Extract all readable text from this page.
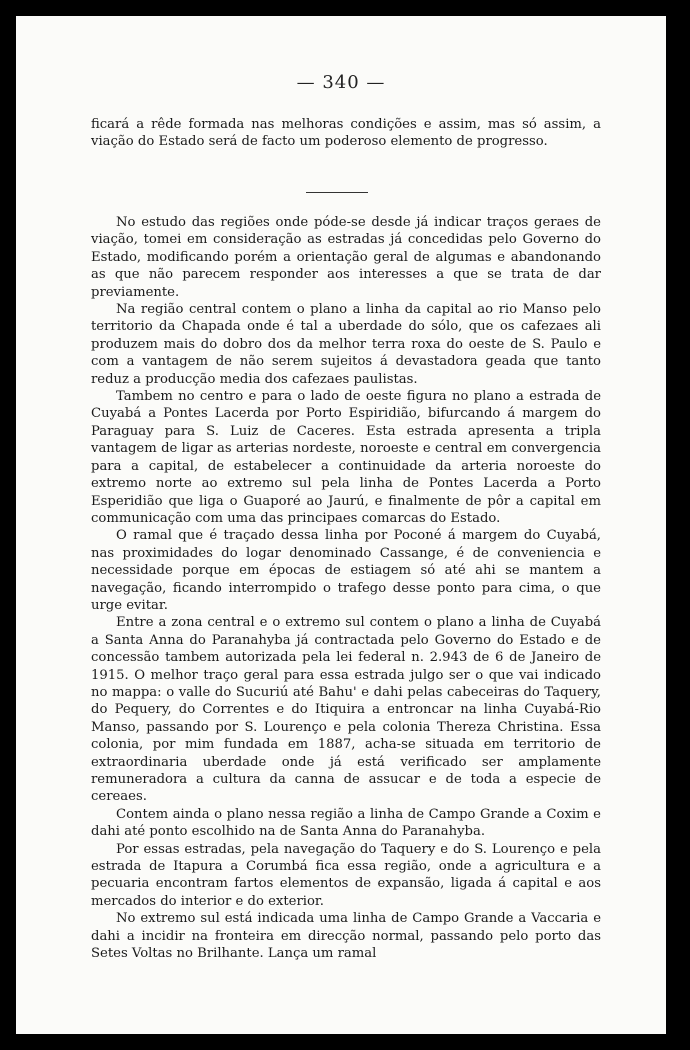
— 340 —

ficará a rêde formada nas melhoras condições e assim, mas só assim, a viação do Estado será de facto um poderoso elemento de progresso.

No estudo das regiões onde póde-se desde já indicar traços geraes de viação, tomei em consideração as estradas já concedidas pelo Governo do Estado, modificando porém a orientação geral de algumas e abandonando as que não parecem responder aos interesses a que se trata de dar previamente.

Na região central contem o plano a linha da capital ao rio Manso pelo territorio da Chapada onde é tal a uberdade do sólo, que os cafezaes ali produzem mais do dobro dos da melhor terra roxa do oeste de S. Paulo e com a vantagem de não serem sujeitos á devastadora geada que tanto reduz a producção media dos cafezaes paulistas.

Tambem no centro e para o lado de oeste figura no plano a estrada de Cuyabá a Pontes Lacerda por Porto Espiridião, bifurcando á margem do Paraguay para S. Luiz de Caceres. Esta estrada apresenta a tripla vantagem de ligar as arterias nordeste, noroeste e central em convergencia para a capital, de estabelecer a continuidade da arteria noroeste do extremo norte ao extremo sul pela linha de Pontes Lacerda a Porto Esperidião que liga o Guaporé ao Jaurú, e finalmente de pôr a capital em communicação com uma das principaes comarcas do Estado.

O ramal que é traçado dessa linha por Poconé á margem do Cuyabá, nas proximidades do logar denominado Cassange, é de conveniencia e necessidade porque em épocas de estiagem só até ahi se mantem a navegação, ficando interrompido o trafego desse ponto para cima, o que urge evitar.

Entre a zona central e o extremo sul contem o plano a linha de Cuyabá a Santa Anna do Paranahyba já contractada pelo Governo do Estado e de concessão tambem autorizada pela lei federal n. 2.943 de 6 de Janeiro de 1915. O melhor traço geral para essa estrada julgo ser o que vai indicado no mappa: o valle do Sucuriú até Bahu' e dahi pelas cabeceiras do Taquery, do Pequery, do Correntes e do Itiquira a entroncar na linha Cuyabá-Rio Manso, passando por S. Lourenço e pela colonia Thereza Christina. Essa colonia, por mim fundada em 1887, acha-se situada em territorio de extraordinaria uberdade onde já está verificado ser amplamente remuneradora a cultura da canna de assucar e de toda a especie de cereaes.

Contem ainda o plano nessa região a linha de Campo Grande a Coxim e dahi até ponto escolhido na de Santa Anna do Paranahyba.

Por essas estradas, pela navegação do Taquery e do S. Lourenço e pela estrada de Itapura a Corumbá fica essa região, onde a agricultura e a pecuaria encontram fartos elementos de expansão, ligada á capital e aos mercados do interior e do exterior.

No extremo sul está indicada uma linha de Campo Grande a Vaccaria e dahi a incidir na fronteira em direcção normal, passando pelo porto das Setes Voltas no Brilhante. Lança um ramal
